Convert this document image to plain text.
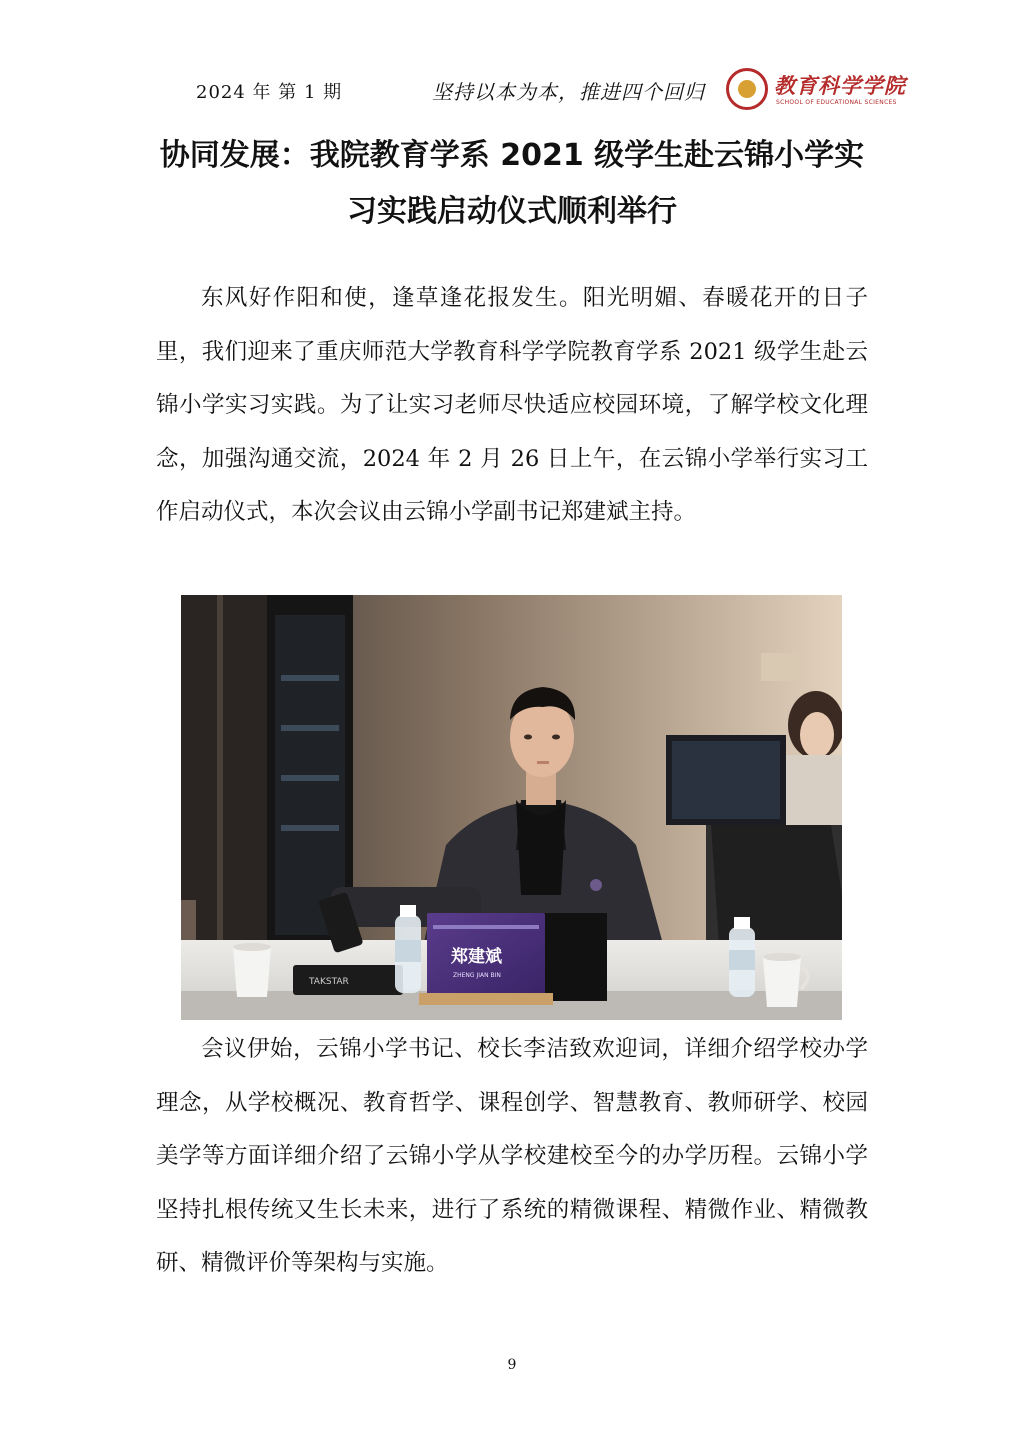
2024 年 第 1 期	坚持以本为本，推进四个回归	教育科学学院
SCHOOL OF EDUCATIONAL SCIENCES
协同发展：我院教育学系 2021 级学生赴云锦小学实
习实践启动仪式顺利举行

东风好作阳和使，逢草逢花报发生。阳光明媚、春暖花开的日子里，我们迎来了重庆师范大学教育科学学院教育学系 2021 级学生赴云锦小学实习实践。为了让实习老师尽快适应校园环境，了解学校文化理念，加强沟通交流，2024 年 2 月 26 日上午，在云锦小学举行实习工作启动仪式，本次会议由云锦小学副书记郑建斌主持。

TAKSTAR
郑建斌
ZHENG JIAN BIN

会议伊始，云锦小学书记、校长李洁致欢迎词，详细介绍学校办学理念，从学校概况、教育哲学、课程创学、智慧教育、教师研学、校园美学等方面详细介绍了云锦小学从学校建校至今的办学历程。云锦小学坚持扎根传统又生长未来，进行了系统的精微课程、精微作业、精微教研、精微评价等架构与实施。

9
